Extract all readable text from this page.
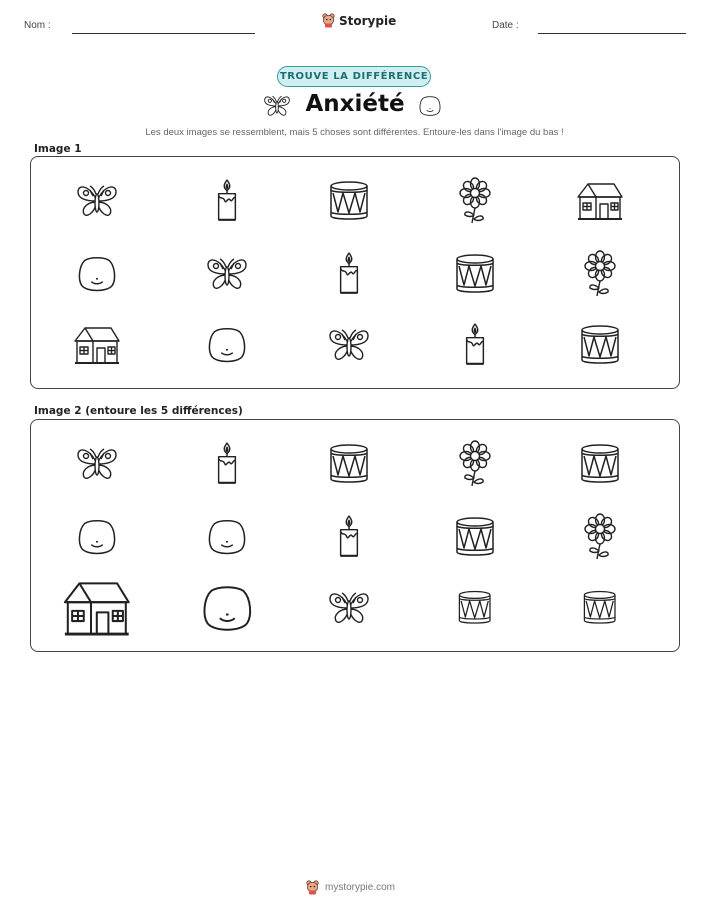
Nom :	Storypie	Date :
TROUVE LA DIFFÉRENCE
Anxiété
Les deux images se ressemblent, mais 5 choses sont différentes. Entoure-les dans l'image du bas !
Image 1
Image 2 (entoure les 5 différences)
mystorypie.com
